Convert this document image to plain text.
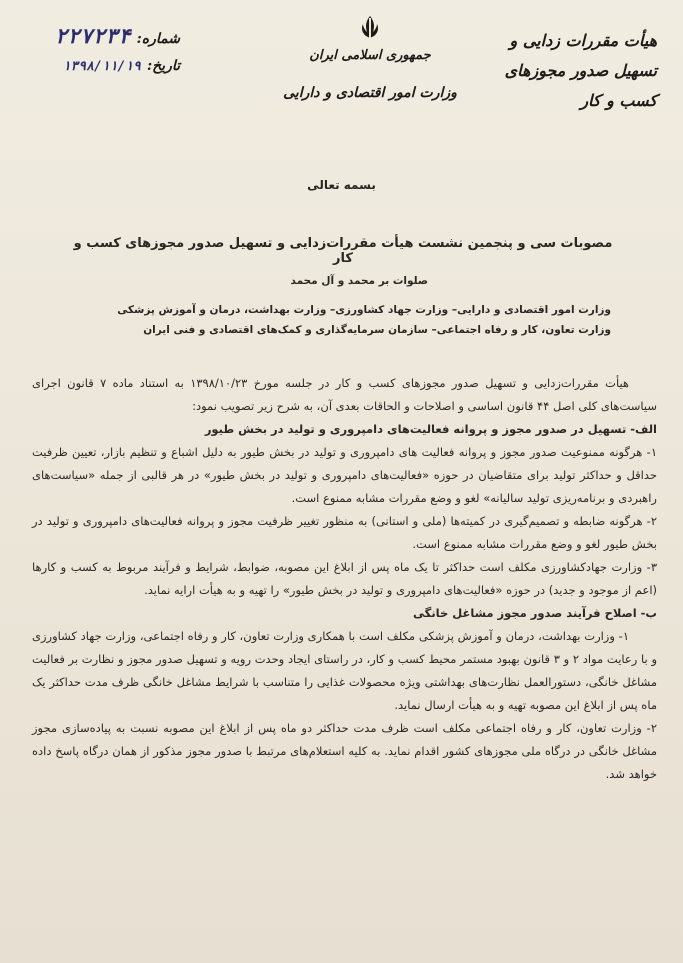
هیأت مقررات زدایی و
تسهیل صدور مجوزهای کسب و کار
جمهوری اسلامی ایران
وزارت امور اقتصادی و دارایی
شماره:
۲۲۷۲۳۴
تاریخ:
۱۳۹۸/۱۱/۱۹
بسمه تعالی
مصوبات سی و پنجمین نشست هیأت مقررات‌زدایی و تسهیل صدور مجوزهای کسب و کار
صلوات بر محمد و آل محمد
وزارت امور اقتصادی و دارایی– وزارت جهاد کشاورزی– وزارت بهداشت، درمان و آموزش پزشکی
وزارت تعاون، کار و رفاه اجتماعی– سازمان سرمایه‌گذاری و کمک‌های اقتصادی و فنی ایران

هیأت مقررات‌زدایی و تسهیل صدور مجوزهای کسب و کار در جلسه مورخ ۱۳۹۸/۱۰/۲۳ به استناد ماده ۷ قانون اجرای سیاست‌های کلی اصل ۴۴ قانون اساسی و اصلاحات و الحاقات بعدی آن، به شرح زیر تصویب نمود:

الف- تسهیل در صدور مجوز و پروانه فعالیت‌های دامپروری و تولید در بخش طیور

۱- هرگونه ممنوعیت صدور مجوز و پروانه فعالیت های دامپروری و تولید در بخش طیور به دلیل اشباع و تنظیم بازار، تعیین ظرفیت حداقل و حداکثر تولید برای متقاضیان در حوزه «فعالیت‌های دامپروری و تولید در بخش طیور» در هر قالبی از جمله «سیاست‌های راهبردی و برنامه‌ریزی تولید سالیانه» لغو و وضع مقررات مشابه ممنوع است.

۲- هرگونه ضابطه و تصمیم‌گیری در کمیته‌ها (ملی و استانی) به منظور تغییر ظرفیت مجوز و پروانه فعالیت‌های دامپروری و تولید در بخش طیور لغو و وضع مقررات مشابه ممنوع است.

۳- وزارت جهادکشاورزی مکلف است حداکثر تا یک ماه پس از ابلاغ این مصوبه، ضوابط، شرایط و فرآیند مربوط به کسب و کارها (اعم از موجود و جدید) در حوزه «فعالیت‌های دامپروری و تولید در بخش طیور» را تهیه و به هیأت ارایه نماید.

ب- اصلاح فرآیند صدور مجوز مشاغل خانگی

۱- وزارت بهداشت، درمان و آموزش پزشکی مکلف است با همکاری وزارت تعاون، کار و رفاه اجتماعی، وزارت جهاد کشاورزی و با رعایت مواد ۲ و ۳ قانون بهبود مستمر محیط کسب و کار، در راستای ایجاد وحدت رویه و تسهیل صدور مجوز و نظارت بر فعالیت مشاغل خانگی، دستورالعمل نظارت‌های بهداشتی ویژه محصولات غذایی را متناسب با شرایط مشاغل خانگی ظرف مدت حداکثر یک ماه پس از ابلاغ این مصوبه تهیه و به هیأت ارسال نماید.

۲- وزارت تعاون، کار و رفاه اجتماعی مکلف است ظرف مدت حداکثر دو ماه پس از ابلاغ این مصوبه نسبت به پیاده‌سازی مجوز مشاغل خانگی در درگاه ملی مجوزهای کشور اقدام نماید. به کلیه استعلام‌های مرتبط با صدور مجوز مذکور از همان درگاه پاسخ داده خواهد شد.
